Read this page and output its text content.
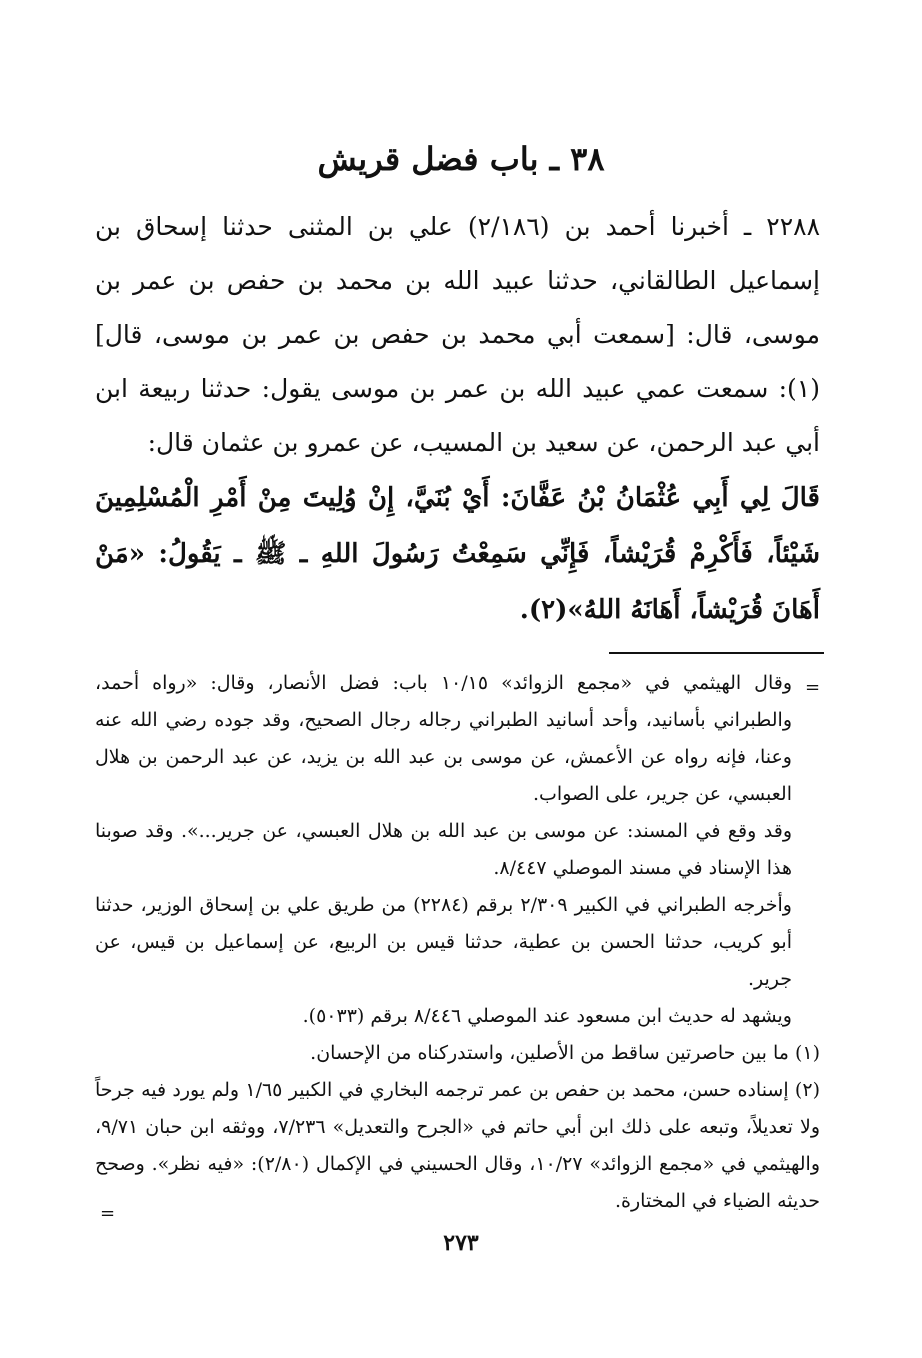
٣٨ ـ باب فضل قريش

٢٢٨٨ ـ أخبرنا أحمد بن (٢/١٨٦) علي بن المثنى حدثنا إسحاق بن إسماعيل الطالقاني، حدثنا عبيد الله بن محمد بن حفص بن عمر بن موسى، قال: [سمعت أبي محمد بن حفص بن عمر بن موسى، قال](١): سمعت عمي عبيد الله بن عمر بن موسى يقول: حدثنا ربيعة ابن أبي عبد الرحمن، عن سعيد بن المسيب، عن عمرو بن عثمان قال:

قَالَ لِي أَبِي عُثْمَانُ بْنُ عَفَّانَ: أَيْ بُنَيَّ، إِنْ وُلِيتَ مِنْ أَمْرِ الْمُسْلِمِينَ شَيْئاً، فَأَكْرِمْ قُرَيْشاً، فَإِنِّي سَمِعْتُ رَسُولَ اللهِ ـ ﷺ ـ يَقُولُ: «مَنْ أَهَانَ قُرَيْشاً، أَهَانَهُ اللهُ»(٢).

=

وقال الهيثمي في «مجمع الزوائد» ١٠/١٥ باب: فضل الأنصار، وقال: «رواه أحمد، والطبراني بأسانيد، وأحد أسانيد الطبراني رجاله رجال الصحيح، وقد جوده رضي الله عنه وعنا، فإنه رواه عن الأعمش، عن موسى بن عبد الله بن يزيد، عن عبد الرحمن بن هلال العبسي، عن جرير، على الصواب.

وقد وقع في المسند: عن موسى بن عبد الله بن هلال العبسي، عن جرير...». وقد صوبنا هذا الإسناد في مسند الموصلي ٨/٤٤٧.

وأخرجه الطبراني في الكبير ٢/٣٠٩ برقم (٢٢٨٤) من طريق علي بن إسحاق الوزير، حدثنا أبو كريب، حدثنا الحسن بن عطية، حدثنا قيس بن الربيع، عن إسماعيل بن قيس، عن جرير.

ويشهد له حديث ابن مسعود عند الموصلي ٨/٤٤٦ برقم (٥٠٣٣).

(١) ما بين حاصرتين ساقط من الأصلين، واستدركناه من الإحسان.

(٢) إسناده حسن، محمد بن حفص بن عمر ترجمه البخاري في الكبير ١/٦٥ ولم يورد فيه جرحاً ولا تعديلاً، وتبعه على ذلك ابن أبي حاتم في «الجرح والتعديل» ٧/٢٣٦، ووثقه ابن حبان ٩/٧١، والهيثمي في «مجمع الزوائد» ١٠/٢٧، وقال الحسيني في الإكمال (٢/٨٠): «فيه نظر». وصحح حديثه الضياء في المختارة.

=
٢٧٣
